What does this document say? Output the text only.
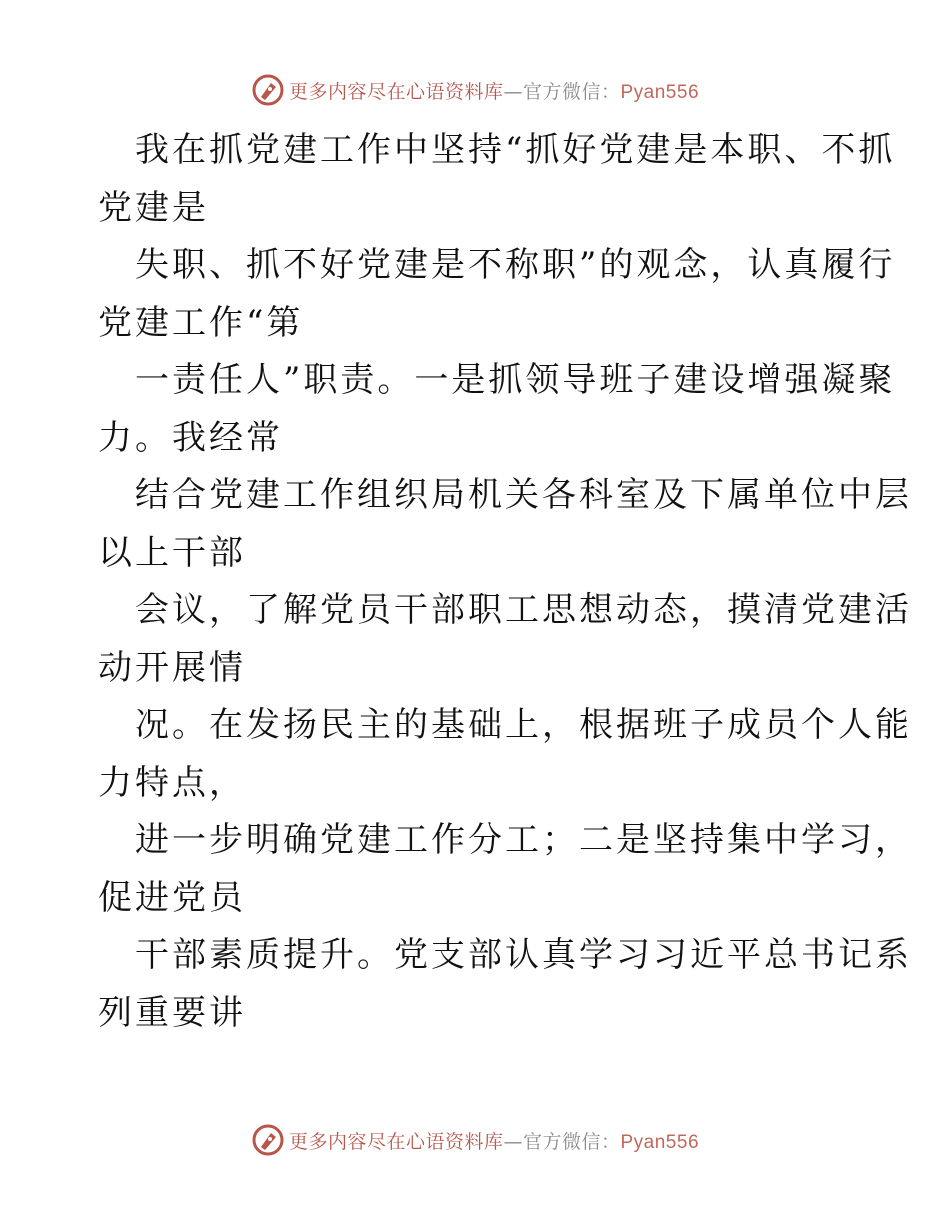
更多内容尽在心语资料库—官方微信：Pyan556
我在抓党建工作中坚持“抓好党建是本职、不抓
党建是
失职、抓不好党建是不称职”的观念，认真履行
党建工作“第
一责任人”职责。一是抓领导班子建设增强凝聚
力。我经常
结合党建工作组织局机关各科室及下属单位中层
以上干部
会议，了解党员干部职工思想动态，摸清党建活
动开展情
况。在发扬民主的基础上，根据班子成员个人能
力特点，
进一步明确党建工作分工；二是坚持集中学习，
促进党员
干部素质提升。党支部认真学习习近平总书记系
列重要讲
更多内容尽在心语资料库—官方微信：Pyan556
